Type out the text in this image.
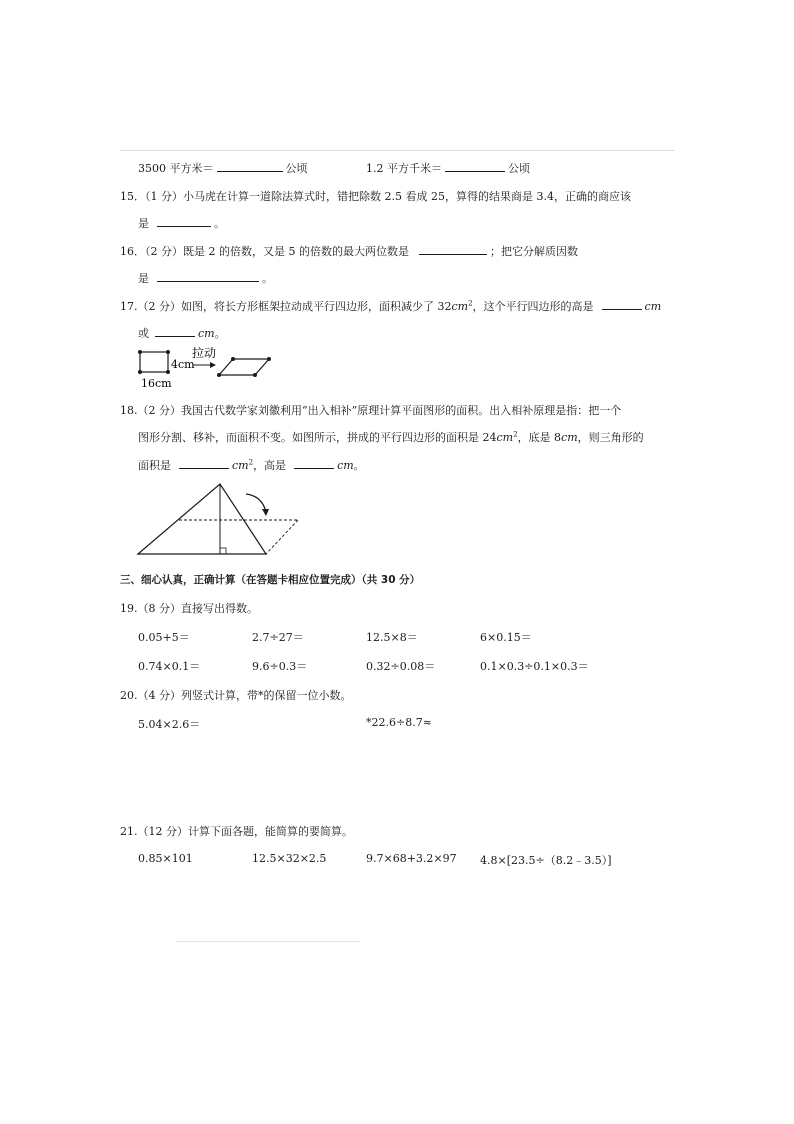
3500 平方米＝	公顷	1.2 平方千米＝	公顷
15．（1 分）小马虎在计算一道除法算式时，错把除数 2.5 看成 25，算得的结果商是 3.4，正确的商应该
是	。
16．（2 分）既是 2 的倍数，又是 5 的倍数的最大两位数是	；把它分解质因数
是	。
17.（2 分）如图，将长方形框架拉动成平行四边形，面积减少了 $32cm^2$，这个平行四边形的高是	cm
或	cm。
4cm
拉动
16cm
18.（2 分）我国古代数学家刘徽利用“出入相补”原理计算平面图形的面积。出入相补原理是指：把一个
图形分割、移补，而面积不变。如图所示，拼成的平行四边形的面积是 $24cm^2$，底是 8cm，则三角形的
面积是	$cm^2$，高是	cm。
三、细心认真，正确计算（在答题卡相应位置完成）（共 30 分）
19.（8 分）直接写出得数。
0.05+5＝	2.7÷27＝	12.5×8＝	6×0.15＝
0.74×0.1＝	9.6÷0.3＝	0.32÷0.08＝	0.1×0.3÷0.1×0.3＝
20.（4 分）列竖式计算，带*的保留一位小数。
5.04×2.6＝	*22.6÷8.7≈
21.（12 分）计算下面各题，能简算的要简算。
0.85×101	12.5×32×2.5	9.7×68+3.2×97 4.8×[23.5÷（8.2﹣3.5）]
